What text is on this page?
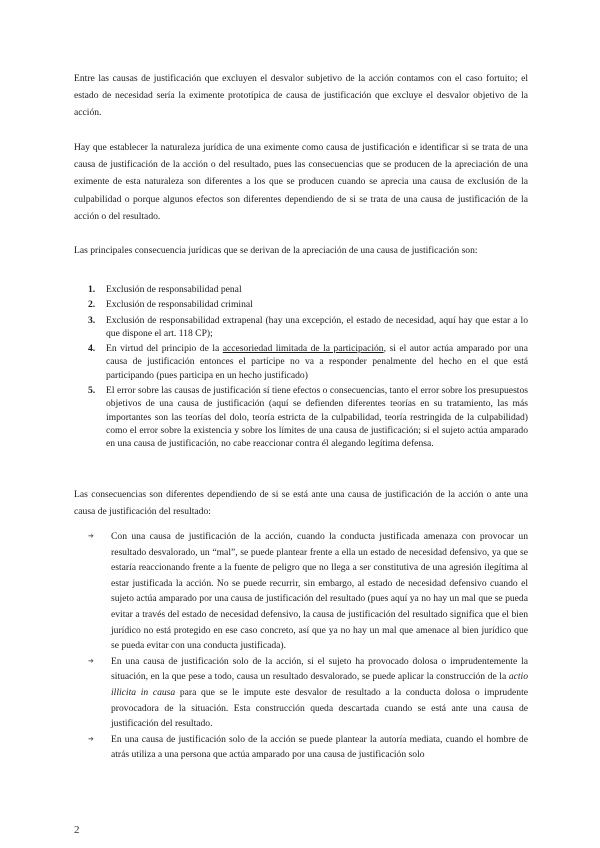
Entre las causas de justificación que excluyen el desvalor subjetivo de la acción contamos con el caso fortuito; el estado de necesidad sería la eximente prototípica de causa de justificación que excluye el desvalor objetivo de la acción.

Hay que establecer la naturaleza jurídica de una eximente como causa de justificación e identificar si se trata de una causa de justificación de la acción o del resultado, pues las consecuencias que se producen de la apreciación de una eximente de esta naturaleza son diferentes a los que se producen cuando se aprecia una causa de exclusión de la culpabilidad o porque algunos efectos son diferentes dependiendo de si se trata de una causa de justificación de la acción o del resultado.

Las principales consecuencia jurídicas que se derivan de la apreciación de una causa de justificación son:

1. Exclusión de responsabilidad penal
2. Exclusión de responsabilidad criminal
3. Exclusión de responsabilidad extrapenal (hay una excepción, el estado de necesidad, aquí hay que estar a lo que dispone el art. 118 CP);
4. En virtud del principio de la accesoriedad limitada de la participación, si el autor actúa amparado por una causa de justificación entonces el partícipe no va a responder penalmente del hecho en el que está participando (pues participa en un hecho justificado)
5. El error sobre las causas de justificación sí tiene efectos o consecuencias, tanto el error sobre los presupuestos objetivos de una causa de justificación (aquí se defienden diferentes teorías en su tratamiento, las más importantes son las teorías del dolo, teoría estricta de la culpabilidad, teoría restringida de la culpabilidad) como el error sobre la existencia y sobre los límites de una causa de justificación; si el sujeto actúa amparado en una causa de justificación, no cabe reaccionar contra él alegando legítima defensa.

Las consecuencias son diferentes dependiendo de si se está ante una causa de justificación de la acción o ante una causa de justificación del resultado:

➔ Con una causa de justificación de la acción, cuando la conducta justificada amenaza con provocar un resultado desvalorado, un “mal”, se puede plantear frente a ella un estado de necesidad defensivo, ya que se estaría reaccionando frente a la fuente de peligro que no llega a ser constitutiva de una agresión ilegítima al estar justificada la acción. No se puede recurrir, sin embargo, al estado de necesidad defensivo cuando el sujeto actúa amparado por una causa de justificación del resultado (pues aquí ya no hay un mal que se pueda evitar a través del estado de necesidad defensivo, la causa de justificación del resultado significa que el bien jurídico no está protegido en ese caso concreto, así que ya no hay un mal que amenace al bien jurídico que se pueda evitar con una conducta justificada).
➔ En una causa de justificación solo de la acción, si el sujeto ha provocado dolosa o imprudentemente la situación, en la que pese a todo, causa un resultado desvalorado, se puede aplicar la construcción de la actio illicita in causa para que se le impute este desvalor de resultado a la conducta dolosa o imprudente provocadora de la situación. Esta construcción queda descartada cuando se está ante una causa de justificación del resultado.
➔ En una causa de justificación solo de la acción se puede plantear la autoría mediata, cuando el hombre de atrás utiliza a una persona que actúa amparado por una causa de justificación solo
2
